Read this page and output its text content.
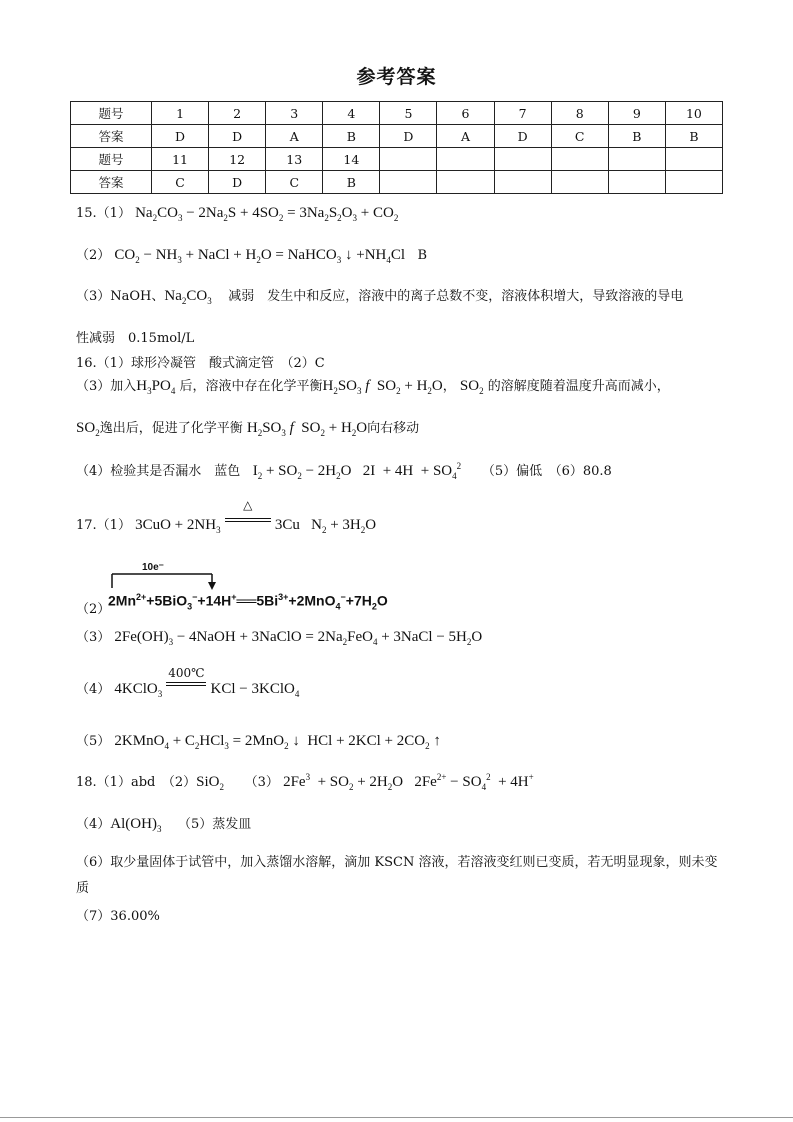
参考答案
题号	1	2	3	4	5	6	7	8	9	10
答案	D	D	A	B	D	A	D	C	B	B
题号	11	12	13	14						
答案	C	D	C	B						
15.（1） $Na_2CO_3 - 2Na_2S + 4SO_2 = 3Na_2S_2O_3 + CO_2$
（2） $CO_2 - NH_3$ + NaCl + $H_2O$ = NaHCO$_3$ ↓ $+NH_4Cl$ B
（3）NaOH、$Na_2CO_3$ 减弱　发生中和反应，溶液中的离子总数不变，溶液体积增大，导致溶液的导电
性减弱　0.15mol/L
16.（1）球形冷凝管　酸式滴定管　（2）C
（3）加入$H_3PO_4$ 后，溶液中存在化学平衡$H_2SO_3$ f  $SO_2 + H_2O$， $SO_2$ 的溶解度随着温度升高而减小，
$SO_2$逸出后，促进了化学平衡 $H_2SO_3$ f  $SO_2 + H_2O$向右移动
（4）检验其是否漏水　蓝色 $I_2 + SO_2 - 2H_2O$   $2I + 4H + SO_4^2$ （5）偏低　（6）80.8
17.（1） $3CuO + 2NH_3$
△
3Cu   $N_2 + 3H_2O$
10e⁻
（2）
$2Mn^{2+}+5BiO_3^-+14H^+══5Bi^{3+}+2MnO_4^-+7H_2O$
（3） $2Fe(OH)_3$ − 4NaOH + 3NaClO = $2Na_2FeO_4$ + 3NaCl − $5H_2O$
（4） 4KClO$_3$
400℃
KCl − 3KClO$_4$
（5） 2KMnO$_4$ + $C_2HCl_3 = 2MnO_2$ ↓  HCl + $2KCl + 2CO_2$ ↑
18.（1）abd　（2）SiO$_2$ （3） $2Fe^3 + SO_2 + 2H_2O$   $2Fe^{2+} - SO_4^2 + 4H^+$
$(4)Al(OH)_3$ （5）蒸发皿
（6）取少量固体于试管中，加入蒸馏水溶解，滴加 KSCN 溶液，若溶液变红则已变质，若无明显现象，则未变质
（7）36.00%
